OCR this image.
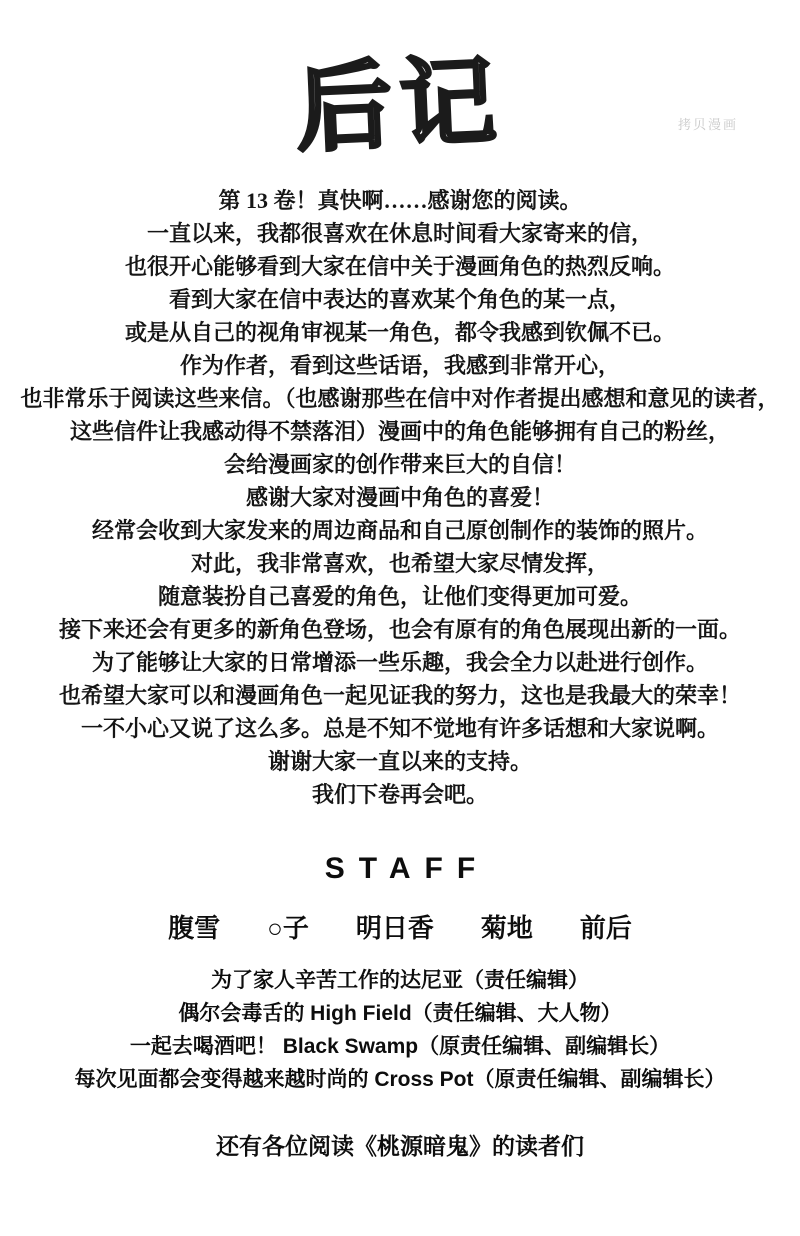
后记	拷贝漫画

第 13 卷！真快啊……感谢您的阅读。

一直以来，我都很喜欢在休息时间看大家寄来的信，

也很开心能够看到大家在信中关于漫画角色的热烈反响。

看到大家在信中表达的喜欢某个角色的某一点，

或是从自己的视角审视某一角色，都令我感到钦佩不已。

作为作者，看到这些话语，我感到非常开心，

也非常乐于阅读这些来信。（也感谢那些在信中对作者提出感想和意见的读者，

这些信件让我感动得不禁落泪）漫画中的角色能够拥有自己的粉丝，

会给漫画家的创作带来巨大的自信！

感谢大家对漫画中角色的喜爱！

经常会收到大家发来的周边商品和自己原创制作的装饰的照片。

对此，我非常喜欢，也希望大家尽情发挥，

随意装扮自己喜爱的角色，让他们变得更加可爱。

接下来还会有更多的新角色登场，也会有原有的角色展现出新的一面。

为了能够让大家的日常增添一些乐趣，我会全力以赴进行创作。

也希望大家可以和漫画角色一起见证我的努力，这也是我最大的荣幸！

一不小心又说了这么多。总是不知不觉地有许多话想和大家说啊。

谢谢大家一直以来的支持。

我们下卷再会吧。

STAFF
腹雪 ○子 明日香 菊地 前后

为了家人辛苦工作的达尼亚（责任编辑）

偶尔会毒舌的 High Field（责任编辑、大人物）

一起去喝酒吧！ Black Swamp（原责任编辑、副编辑长）

每次见面都会变得越来越时尚的 Cross Pot（原责任编辑、副编辑长）

还有各位阅读《桃源暗鬼》的读者们
